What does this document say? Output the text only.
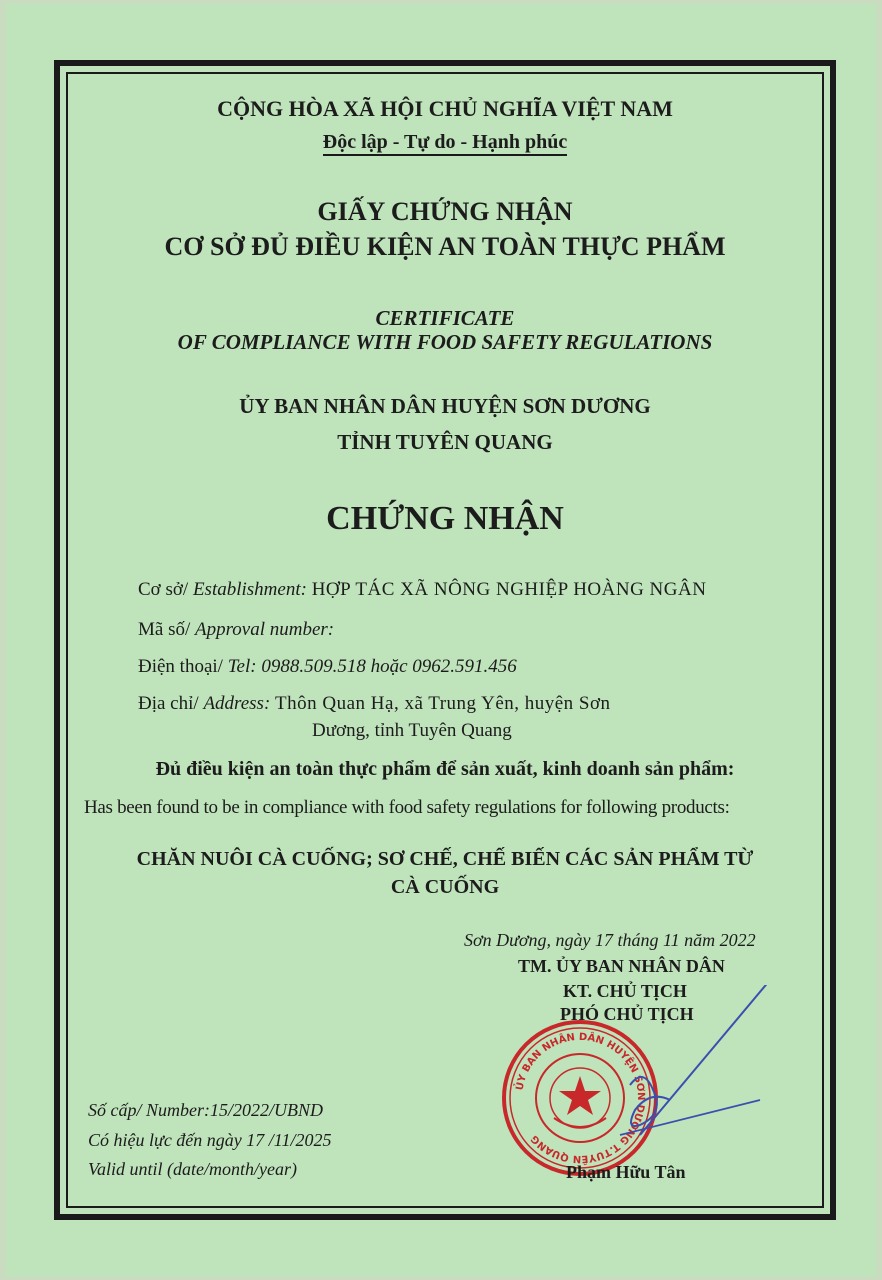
CỘNG HÒA XÃ HỘI CHỦ NGHĨA VIỆT NAM
Độc lập - Tự do - Hạnh phúc
GIẤY CHỨNG NHẬN
CƠ SỞ ĐỦ ĐIỀU KIỆN AN TOÀN THỰC PHẨM
CERTIFICATE
OF COMPLIANCE WITH FOOD SAFETY REGULATIONS
ỦY BAN NHÂN DÂN HUYỆN SƠN DƯƠNG
TỈNH TUYÊN QUANG
CHỨNG NHẬN
Cơ sở/ Establishment: HỢP TÁC XÃ NÔNG NGHIỆP HOÀNG NGÂN
Mã số/ Approval number:
Điện thoại/ Tel: 0988.509.518 hoặc 0962.591.456
Địa chỉ/ Address: Thôn Quan Hạ, xã Trung Yên, huyện Sơn
Dương, tỉnh Tuyên Quang
Đủ điều kiện an toàn thực phẩm để sản xuất, kinh doanh sản phẩm:
Has been found to be in compliance with food safety regulations for following products:
CHĂN NUÔI CÀ CUỐNG; SƠ CHẾ, CHẾ BIẾN CÁC SẢN PHẨM TỪ
CÀ CUỐNG
Sơn Dương, ngày 17 tháng 11 năm 2022
TM. ỦY BAN NHÂN DÂN
KT. CHỦ TỊCH
PHÓ CHỦ TỊCH
ỦY BAN NHÂN DÂN HUYỆN SƠN DƯƠNG T.TUYÊN QUANG
Phạm Hữu Tân
Số cấp/ Number:15/2022/UBND
Có hiệu lực đến ngày 17 /11/2025
Valid until (date/month/year)
